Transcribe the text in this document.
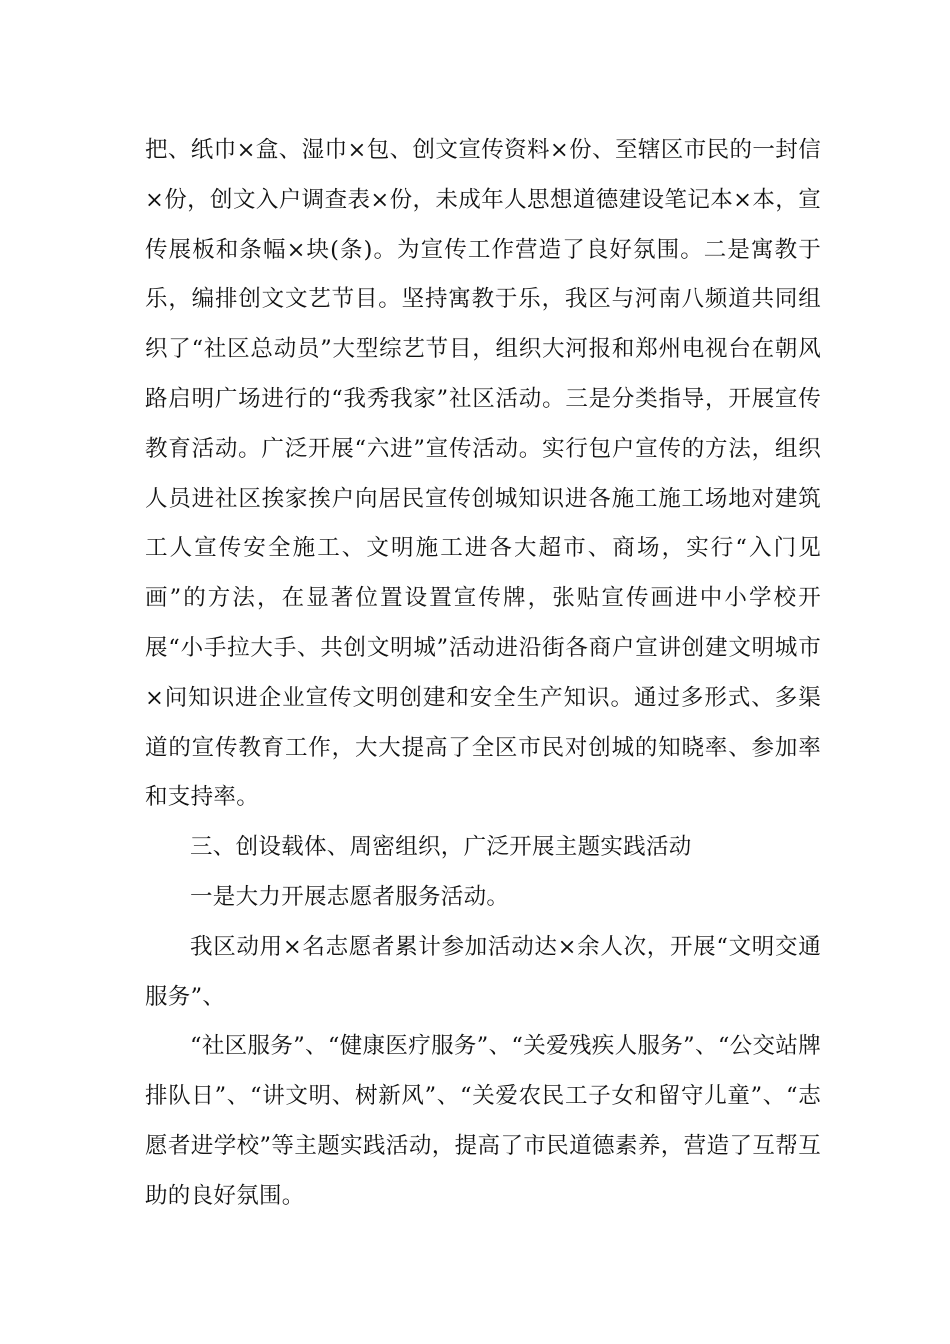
把、纸巾×盒、湿巾×包、创文宣传资料×份、至辖区市民的一封信×份，创文入户调查表×份，未成年人思想道德建设笔记本×本，宣传展板和条幅×块(条)。为宣传工作营造了良好氛围。二是寓教于乐，编排创文文艺节目。坚持寓教于乐，我区与河南八频道共同组织了“社区总动员”大型综艺节目，组织大河报和郑州电视台在朝风路启明广场进行的“我秀我家”社区活动。三是分类指导，开展宣传教育活动。广泛开展“六进”宣传活动。实行包户宣传的方法，组织人员进社区挨家挨户向居民宣传创城知识进各施工施工场地对建筑工人宣传安全施工、文明施工进各大超市、商场，实行“入门见画”的方法，在显著位置设置宣传牌，张贴宣传画进中小学校开展“小手拉大手、共创文明城”活动进沿街各商户宣讲创建文明城市×问知识进企业宣传文明创建和安全生产知识。通过多形式、多渠道的宣传教育工作，大大提高了全区市民对创城的知晓率、参加率和支持率。

三、创设载体、周密组织，广泛开展主题实践活动

一是大力开展志愿者服务活动。

我区动用×名志愿者累计参加活动达×余人次，开展“文明交通服务”、

“社区服务”、“健康医疗服务”、“关爱残疾人服务”、“公交站牌排队日”、“讲文明、树新风”、“关爱农民工子女和留守儿童”、“志愿者进学校”等主题实践活动，提高了市民道德素养，营造了互帮互助的良好氛围。
